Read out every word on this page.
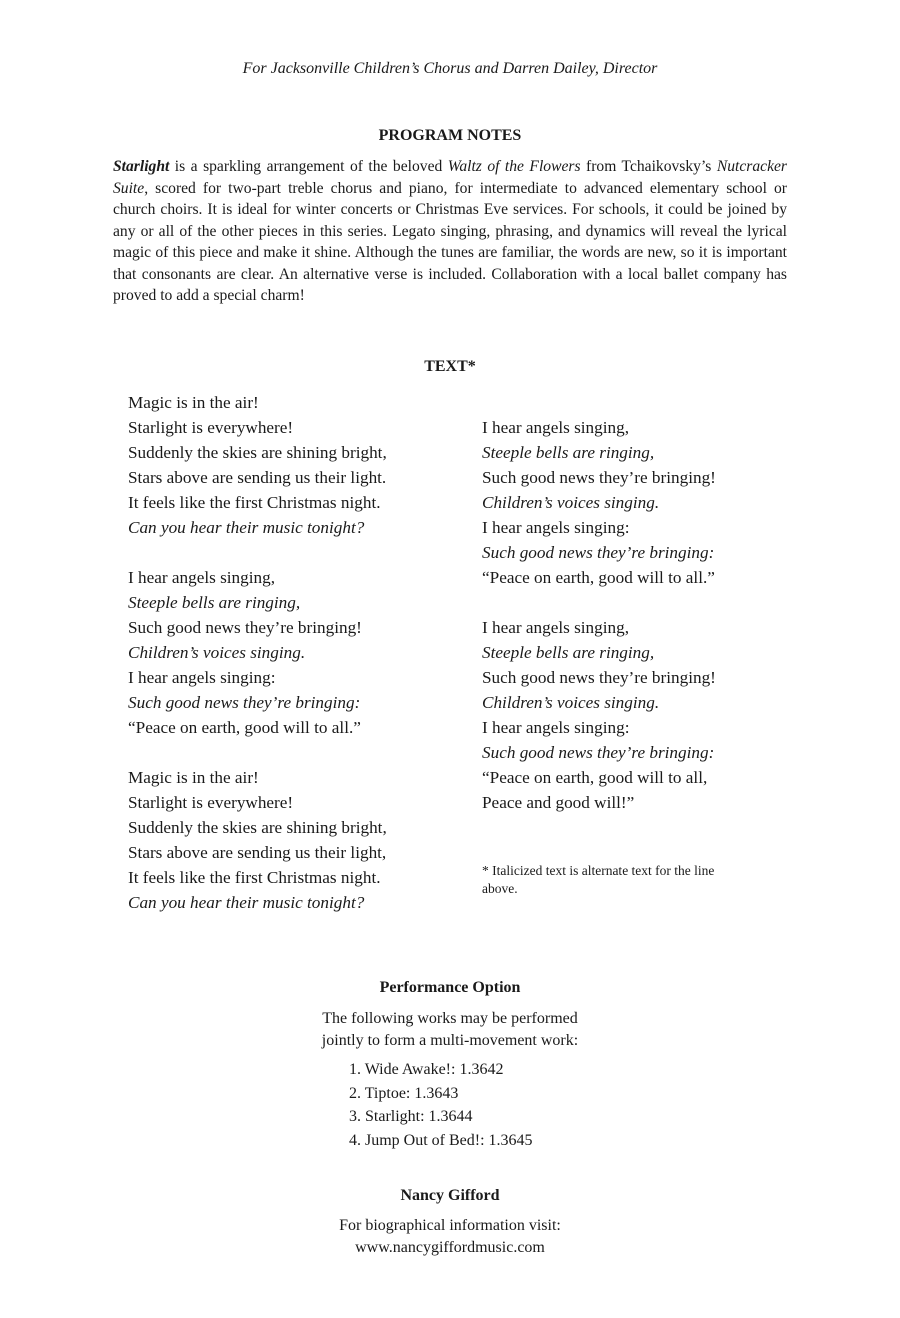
For Jacksonville Children’s Chorus and Darren Dailey, Director
PROGRAM NOTES
Starlight is a sparkling arrangement of the beloved Waltz of the Flowers from Tchaikovsky’s Nutcracker Suite, scored for two-part treble chorus and piano, for intermediate to advanced elementary school or church choirs. It is ideal for winter concerts or Christmas Eve services. For schools, it could be joined by any or all of the other pieces in this series. Legato singing, phrasing, and dynamics will reveal the lyrical magic of this piece and make it shine. Although the tunes are familiar, the words are new, so it is important that consonants are clear. An alternative verse is included. Collaboration with a local ballet company has proved to add a special charm!
TEXT*
Magic is in the air!
Starlight is everywhere!
Suddenly the skies are shining bright,
Stars above are sending us their light.
It feels like the first Christmas night.
Can you hear their music tonight?
I hear angels singing,
Steeple bells are ringing,
Such good news they’re bringing!
Children’s voices singing.
I hear angels singing:
Such good news they’re bringing:
“Peace on earth, good will to all.”
Magic is in the air!
Starlight is everywhere!
Suddenly the skies are shining bright,
Stars above are sending us their light,
It feels like the first Christmas night.
Can you hear their music tonight?
I hear angels singing,
Steeple bells are ringing,
Such good news they’re bringing!
Children’s voices singing.
I hear angels singing:
Such good news they’re bringing:
“Peace on earth, good will to all.”
I hear angels singing,
Steeple bells are ringing,
Such good news they’re bringing!
Children’s voices singing.
I hear angels singing:
Such good news they’re bringing:
“Peace on earth, good will to all,
Peace and good will!”
* Italicized text is alternate text for the line above.
Performance Option
The following works may be performed
jointly to form a multi-movement work:
1. Wide Awake!: 1.3642
2. Tiptoe: 1.3643
3. Starlight: 1.3644
4. Jump Out of Bed!: 1.3645
Nancy Gifford
For biographical information visit:
www.nancygiffordmusic.com
